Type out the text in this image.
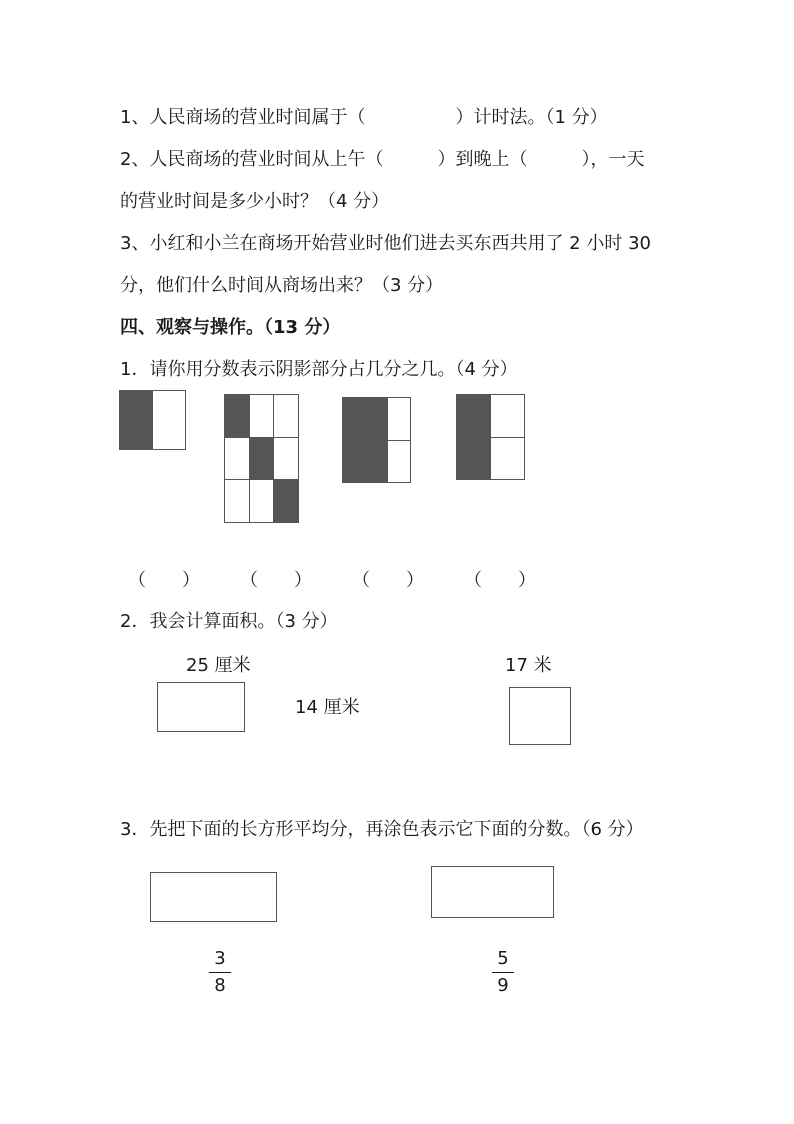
1、人民商场的营业时间属于（　　　　　）计时法。（1 分）
2、人民商场的营业时间从上午（　　　）到晚上（　　　），一天
的营业时间是多少小时？（4 分）
3、小红和小兰在商场开始营业时他们进去买东西共用了 2 小时 30
分，他们什么时间从商场出来？（3 分）
四、观察与操作。（13 分）
1．请你用分数表示阴影部分占几分之几。（4 分）
（　　） （　　） （　　） （　　）
2．我会计算面积。（3 分）
25 厘米
14 厘米
17 米
3．先把下面的长方形平均分，再涂色表示它下面的分数。（6 分）
3
8
5
9
